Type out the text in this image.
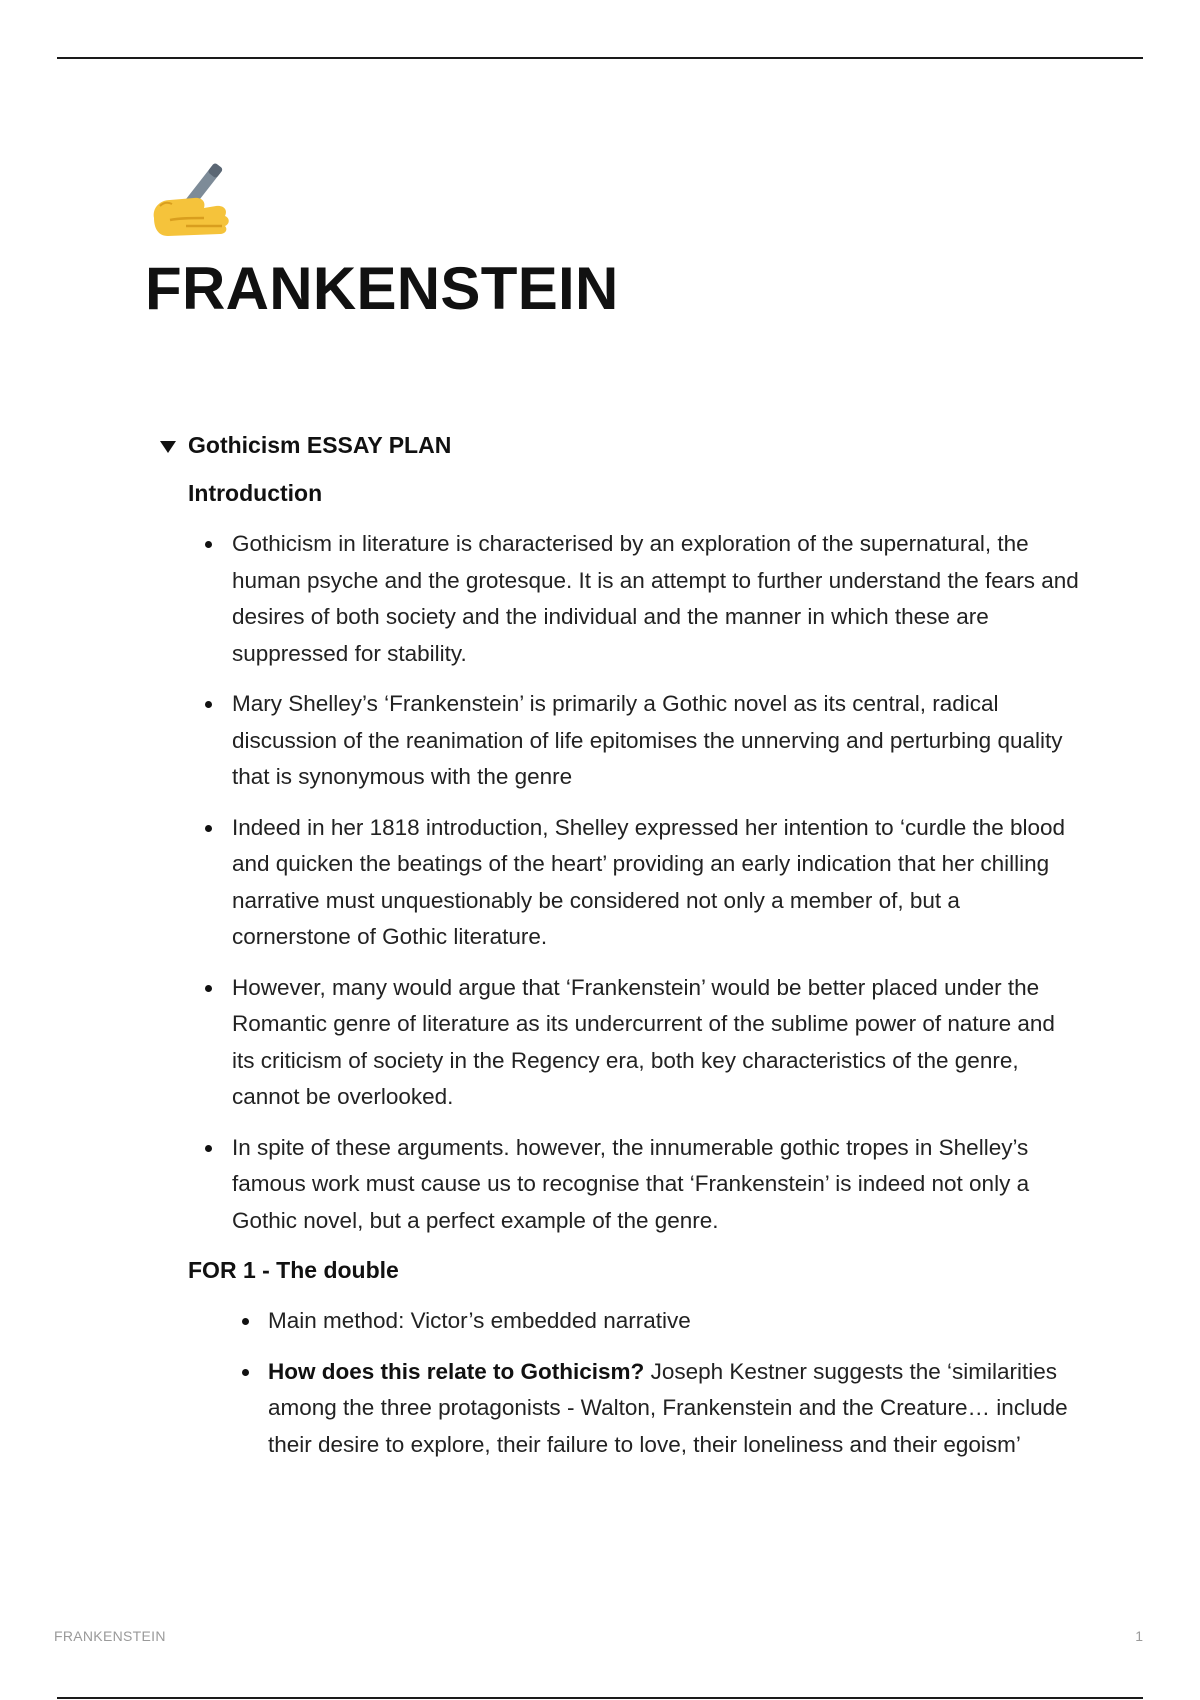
FRANKENSTEIN
Gothicism ESSAY PLAN
Introduction
Gothicism in literature is characterised by an exploration of the supernatural, the human psyche and the grotesque. It is an attempt to further understand the fears and desires of both society and the individual and the manner in which these are suppressed for stability.
Mary Shelley’s ‘Frankenstein’ is primarily a Gothic novel as its central, radical discussion of the reanimation of life epitomises the unnerving and perturbing quality that is synonymous with the genre
Indeed in her 1818 introduction, Shelley expressed her intention to ‘curdle the blood and quicken the beatings of the heart’ providing an early indication that her chilling narrative must unquestionably be considered not only a member of, but a cornerstone of Gothic literature.
However, many would argue that ‘Frankenstein’ would be better placed under the Romantic genre of literature as its undercurrent of the sublime power of nature and its criticism of society in the Regency era, both key characteristics of the genre, cannot be overlooked.
In spite of these arguments. however, the innumerable gothic tropes in Shelley’s famous work must cause us to recognise that ‘Frankenstein’ is indeed not only a Gothic novel, but a perfect example of the genre.
FOR 1 - The double
Main method: Victor’s embedded narrative
How does this relate to Gothicism? Joseph Kestner suggests the ‘similarities among the three protagonists - Walton, Frankenstein and the Creature… include their desire to explore, their failure to love, their loneliness and their egoism’
FRANKENSTEIN	1
